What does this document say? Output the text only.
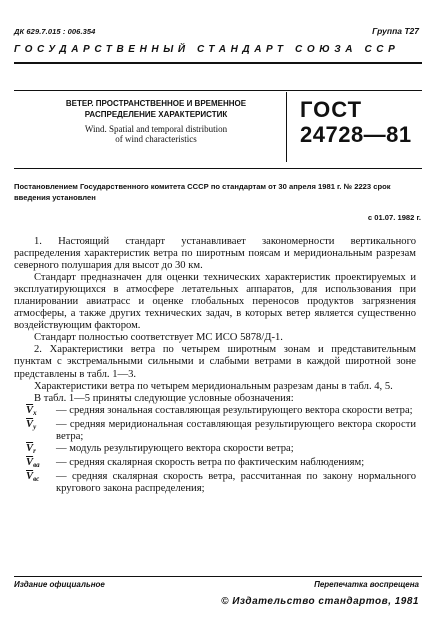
ДК 629.7.015 : 006.354	Группа Т27
ГОСУДАРСТВЕННЫЙ СТАНДАРТ СОЮЗА ССР
ВЕТЕР. ПРОСТРАНСТВЕННОЕ И ВРЕМЕННОЕ РАСПРЕДЕЛЕНИЕ ХАРАКТЕРИСТИК
Wind. Spatial and temporal distribution
of wind characteristics
ГОСТ
24728—81
Постановлением Государственного комитета СССР по стандартам от 30 апреля 1981 г. № 2223 срок введения установлен
с 01.07. 1982 г.

1. Настоящий стандарт устанавливает закономерности вертикального распределения характеристик ветра по широтным поясам и меридиональным разрезам северного полушария для высот до 30 км.

Стандарт предназначен для оценки технических характеристик проектируемых и эксплуатирующихся в атмосфере летательных аппаратов, для использования при планировании авиатрасс и оценке глобальных переносов продуктов загрязнения атмосферы, а также других технических задач, в которых ветер является существенно воздействующим фактором.

Стандарт полностью соответствует МС ИСО 5878/Д-1.

2. Характеристики ветра по четырем широтным зонам и представительным пунктам с экстремальными сильными и слабыми ветрами в каждой широтной зоне представлены в табл. 1—3.

Характеристики ветра по четырем меридиональным разрезам даны в табл. 4, 5.

В табл. 1—5 приняты следующие условные обозначения:

$\overline{V}_x$	— средняя зональная составляющая результирующего вектора скорости ветра;
$\overline{V}_y$	— средняя меридиональная составляющая результирующего вектора скорости ветра;
$\overline{V}_r$	— модуль результирующего вектора скорости ветра;
$\overline{V}_{ва}$	— средняя скалярная скорость ветра по фактическим наблюдениям;
$\overline{V}_{вс}$	— средняя скалярная скорость ветра, рассчитанная по закону нормального кругового закона распределения;
Издание официальное	Перепечатка воспрещена
© Издательство стандартов, 1981
